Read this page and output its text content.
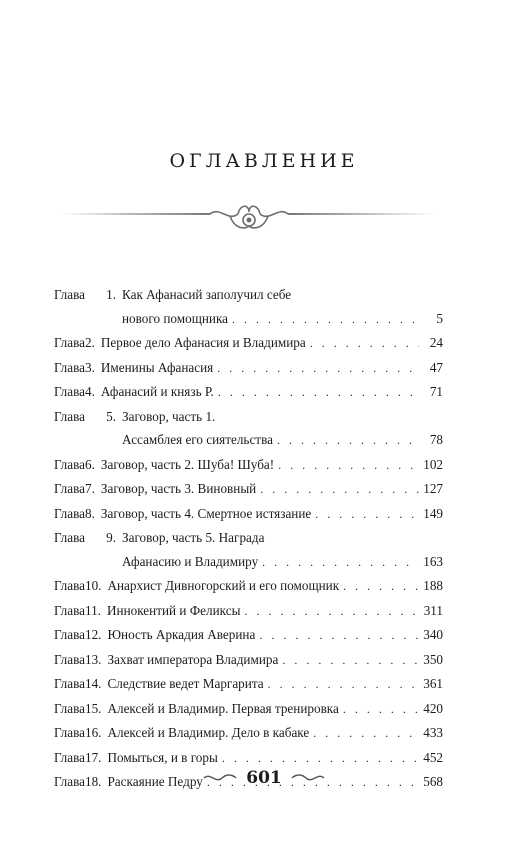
ОГЛАВЛЕНИЕ
Глава	1. Как Афанасий заполучил себе
нового помощника . . .	5
Глава 2. Первое дело Афанасия и Владимира . . .	24
Глава 3. Именины Афанасия . . .	47
Глава 4. Афанасий и князь Р. . . .	71
Глава	5. Заговор, часть 1.
Ассамблея его сиятельства . . .	78
Глава 6. Заговор, часть 2. Шуба! Шуба! . . .	102
Глава 7. Заговор, часть 3. Виновный . . .	127
Глава 8. Заговор, часть 4. Смертное истязание . . .	149
Глава	9. Заговор, часть 5. Награда
Афанасию и Владимиру . . .	163
Глава 10. Анархист Дивногорский и его помощник . . .	188
Глава 11. Иннокентий и Феликсы . . .	311
Глава 12. Юность Аркадия Аверина . . .	340
Глава 13. Захват императора Владимира . . .	350
Глава 14. Следствие ведет Маргарита . . .	361
Глава 15. Алексей и Владимир. Первая тренировка . . .	420
Глава 16. Алексей и Владимир. Дело в кабаке . . .	433
Глава 17. Помыться, и в горы . . .	452
Глава 18. Раскаяние Педру . . .	568
601
